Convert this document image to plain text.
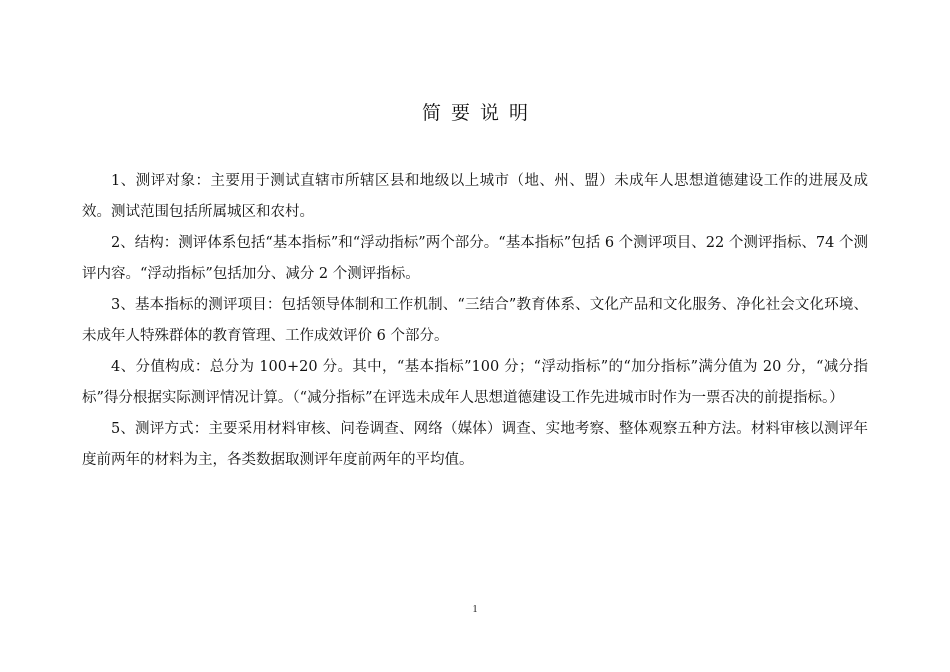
简要说明

1、测评对象：主要用于测试直辖市所辖区县和地级以上城市（地、州、盟）未成年人思想道德建设工作的进展及成效。测试范围包括所属城区和农村。

2、结构：测评体系包括“基本指标”和“浮动指标”两个部分。“基本指标”包括 6 个测评项目、22 个测评指标、74 个测评内容。“浮动指标”包括加分、减分 2 个测评指标。

3、基本指标的测评项目：包括领导体制和工作机制、“三结合”教育体系、文化产品和文化服务、净化社会文化环境、未成年人特殊群体的教育管理、工作成效评价 6 个部分。

4、分值构成：总分为 100+20 分。其中，“基本指标”100 分；“浮动指标”的“加分指标”满分值为 20 分，“减分指标”得分根据实际测评情况计算。（“减分指标”在评选未成年人思想道德建设工作先进城市时作为一票否决的前提指标。）

5、测评方式：主要采用材料审核、问卷调查、网络（媒体）调查、实地考察、整体观察五种方法。材料审核以测评年度前两年的材料为主，各类数据取测评年度前两年的平均值。

1
